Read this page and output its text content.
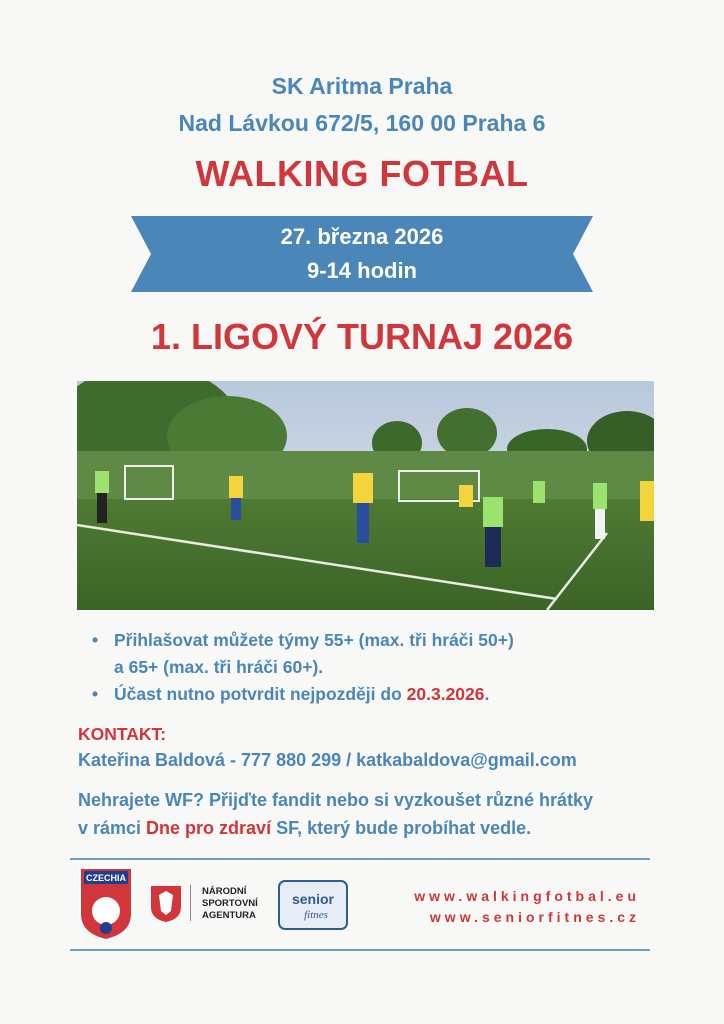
SK Aritma Praha
Nad Lávkou 672/5, 160 00 Praha 6
WALKING FOTBAL
27. března 2026
9-14 hodin
1. LIGOVÝ TURNAJ 2026
• Přihlašovat můžete týmy 55+ (max. tři hráči 50+)
a 65+ (max. tři hráči 60+).
• Účast nutno potvrdit nejpozději do 20.3.2026.
KONTAKT:
Kateřina Baldová - 777 880 299 / katkabaldova@gmail.com
Nehrajete WF? Přijďte fandit nebo si vyzkoušet různé hrátky
v rámci Dne pro zdraví SF, který bude probíhat vedle.
CZECHIA
NÁRODNÍ
SPORTOVNÍ
AGENTURA
senior
fitnes
www.walkingfotbal.eu
www.seniorfitnes.cz
